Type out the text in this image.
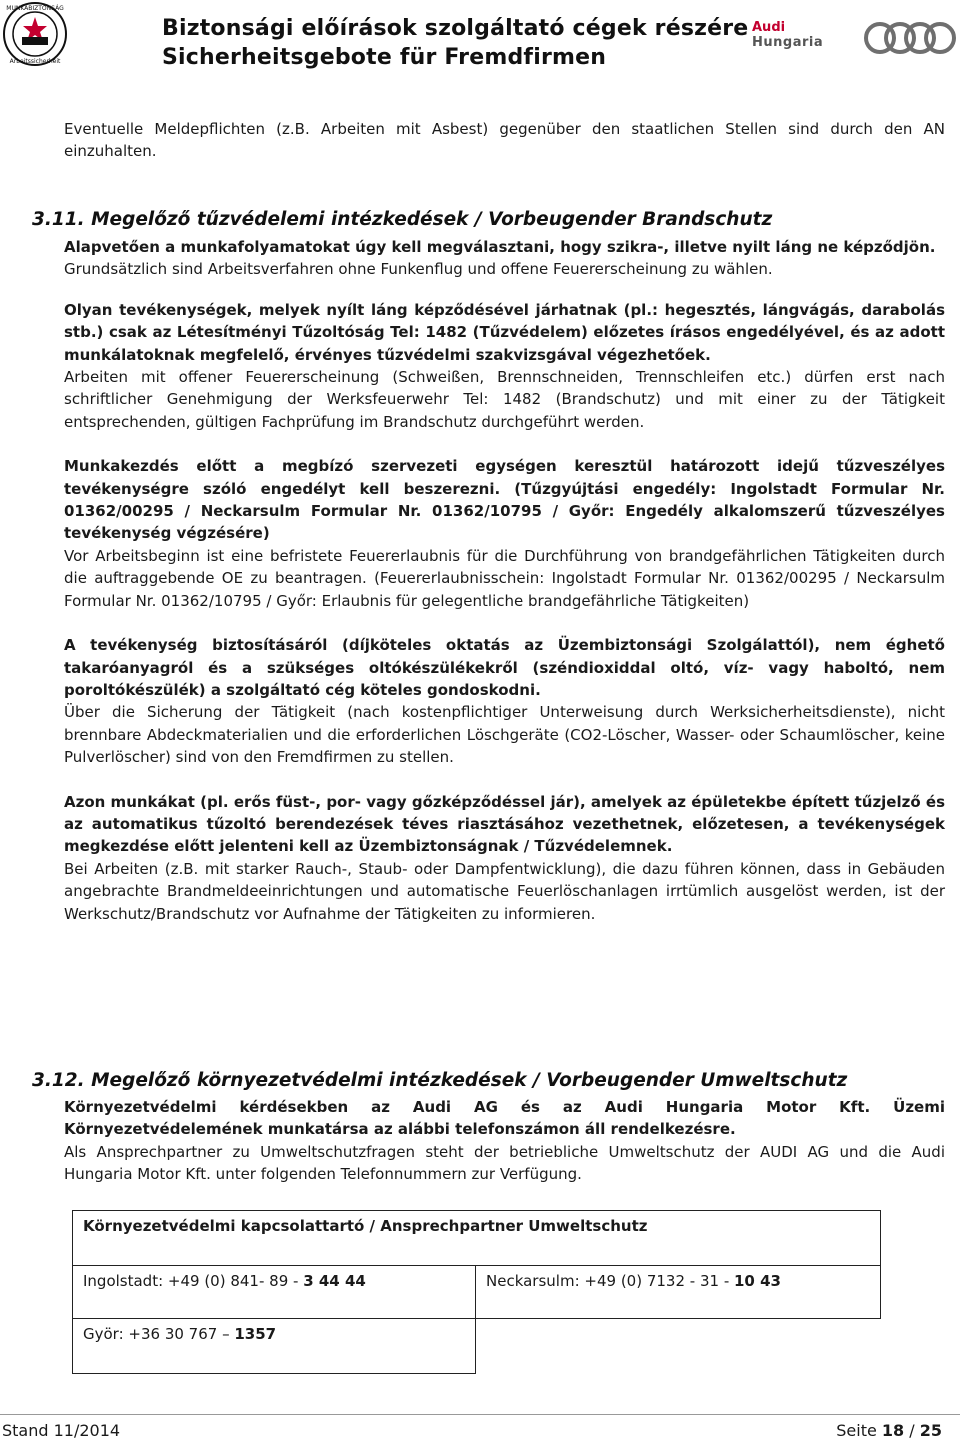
MUNKABIZTONSÁG
Arbeitssicherheit
Biztonsági előírások szolgáltató cégek részére
Sicherheitsgebote für Fremdfirmen
Audi
Hungaria

Eventuelle Meldepflichten (z.B. Arbeiten mit Asbest) gegenüber den staatlichen Stellen sind durch den AN einzuhalten.

3.11. Megelőző tűzvédelemi intézkedések / Vorbeugender Brandschutz

Alapvetően a munkafolyamatokat úgy kell megválasztani, hogy szikra-, illetve nyilt láng ne képződjön.

Grundsätzlich sind Arbeitsverfahren ohne Funkenflug und offene Feuererscheinung zu wählen.

Olyan tevékenységek, melyek nyílt láng képződésével járhatnak (pl.: hegesztés, lángvágás, darabolás stb.) csak az Létesítményi Tűzoltóság Tel: 1482 (Tűzvédelem) előzetes írásos engedélyével, és az adott munkálatoknak megfelelő, érvényes tűzvédelmi szakvizsgával végezhetőek.

Arbeiten mit offener Feuererscheinung (Schweißen, Brennschneiden, Trennschleifen etc.) dürfen erst nach schriftlicher Genehmigung der Werksfeuerwehr Tel: 1482 (Brandschutz) und mit einer zu der Tätigkeit entsprechenden, gültigen Fachprüfung im Brandschutz durchgeführt werden.

Munkakezdés előtt a megbízó szervezeti egységen keresztül határozott idejű tűzveszélyes tevékenységre szóló engedélyt kell beszerezni. (Tűzgyújtási engedély: Ingolstadt Formular Nr. 01362/00295 / Neckarsulm Formular Nr. 01362/10795 / Győr: Engedély alkalomszerű tűzveszélyes tevékenység végzésére)

Vor Arbeitsbeginn ist eine befristete Feuererlaubnis für die Durchführung von brandgefährlichen Tätigkeiten durch die auftraggebende OE zu beantragen. (Feuererlaubnisschein: Ingolstadt Formular Nr. 01362/00295 / Neckarsulm Formular Nr. 01362/10795 / Győr: Erlaubnis für gelegentliche brandgefährliche Tätigkeiten)

A tevékenység biztosításáról (díjköteles oktatás az Üzembiztonsági Szolgálattól), nem éghető takaróanyagról és a szükséges oltókészülékekről (széndioxiddal oltó, víz- vagy haboltó, nem poroltókészülék) a szolgáltató cég köteles gondoskodni.

Über die Sicherung der Tätigkeit (nach kostenpflichtiger Unterweisung durch Werksicherheitsdienste), nicht brennbare Abdeckmaterialien und die erforderlichen Löschgeräte (CO2-Löscher, Wasser- oder Schaumlöscher, keine Pulverlöscher) sind von den Fremdfirmen zu stellen.

Azon munkákat (pl. erős füst-, por- vagy gőzképződéssel jár), amelyek az épületekbe épített tűzjelző és az automatikus tűzoltó berendezések téves riasztásához vezethetnek, előzetesen, a tevékenységek megkezdése előtt jelenteni kell az Üzembiztonságnak / Tűzvédelemnek.

Bei Arbeiten (z.B. mit starker Rauch-, Staub- oder Dampfentwicklung), die dazu führen können, dass in Gebäuden angebrachte Brandmeldeeinrichtungen und automatische Feuerlöschanlagen irrtümlich ausgelöst werden, ist der Werkschutz/Brandschutz vor Aufnahme der Tätigkeiten zu informieren.

3.12. Megelőző környezetvédelmi intézkedések / Vorbeugender Umweltschutz

Környezetvédelmi kérdésekben az Audi AG és az Audi Hungaria Motor Kft. Üzemi Környezetvédelemének munkatársa az alábbi telefonszámon áll rendelkezésre.

Als Ansprechpartner zu Umweltschutzfragen steht der betriebliche Umweltschutz der AUDI AG und die Audi Hungaria Motor Kft. unter folgenden Telefonnummern zur Verfügung.

Környezetvédelmi kapcsolattartó / Ansprechpartner Umweltschutz	
Ingolstadt: +49 (0) 841- 89 - 3 44 44	Neckarsulm: +49 (0) 7132 - 31 - 10 43
Györ: +36 30 767 – 1357	
Stand 11/2014	Seite 18 / 25
